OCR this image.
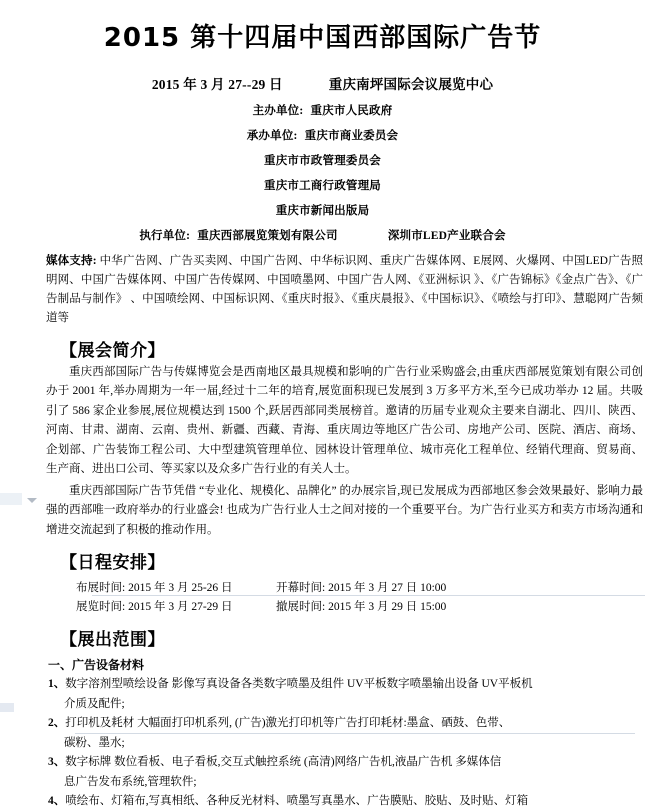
2015 第十四届中国西部国际广告节
2015 年 3 月 27--29 日	重庆南坪国际会议展览中心
主办单位: 重庆市人民政府
承办单位: 重庆市商业委员会
重庆市市政管理委员会
重庆市工商行政管理局
重庆市新闻出版局
执行单位: 重庆西部展览策划有限公司	深圳市LED产业联合会

媒体支持: 中华广告网、广告买卖网、中国广告网、中华标识网、重庆广告媒体网、E展网、火爆网、中国LED广告照明网、中国广告媒体网、中国广告传媒网、中国喷墨网、中国广告人网、《亚洲标识 》、《广告锦标》《金点广告》、《广告制品与制作》 、中国喷绘网、中国标识网、《重庆时报》、《重庆晨报》、《中国标识》、《喷绘与打印》、慧聪网广告频道等

【展会简介】

重庆西部国际广告与传媒博览会是西南地区最具规模和影响的广告行业采购盛会,由重庆西部展览策划有限公司创办于 2001 年,举办周期为一年一届,经过十二年的培育,展览面积现已发展到 3 万多平方米,至今已成功举办 12 届。共吸引了 586 家企业参展,展位规模达到 1500 个,跃居西部同类展榜首。邀请的历届专业观众主要来自湖北、四川、陕西、河南、甘肃、湖南、云南、贵州、新疆、西藏、青海、重庆周边等地区广告公司、房地产公司、医院、酒店、商场、企划部、广告装饰工程公司、大中型建筑管理单位、园林设计管理单位、城市亮化工程单位、经销代理商、贸易商、生产商、进出口公司、等买家以及众多广告行业的有关人士。

重庆西部国际广告节凭借 “专业化、规模化、品牌化” 的办展宗旨,现已发展成为西部地区参会效果最好、影响力最强的西部唯一政府举办的行业盛会! 也成为广告行业人士之间对接的一个重要平台。为广告行业买方和卖方市场沟通和增进交流起到了积极的推动作用。

【日程安排】
布展时间: 2015 年 3 月 25-26 日	开幕时间: 2015 年 3 月 27 日 10:00
展览时间: 2015 年 3 月 27-29 日	撤展时间: 2015 年 3 月 29 日 15:00
【展出范围】
一、广告设备材料
1、数字溶剂型喷绘设备 影像写真设备各类数字喷墨及组件 UV平板数字喷墨输出设备 UV平板机
介质及配件;
2、打印机及耗材 大幅面打印机系列, (广告)激光打印机等广告打印耗材:墨盒、硒鼓、色带、
碳粉、墨水;
3、数字标牌 数位看板、电子看板,交互式触控系统 (高清)网络广告机,液晶广告机 多媒体信
息广告发布系统,管理软件;
4、喷绘布、灯箱布,写真相纸、各种反光材料、喷墨写真墨水、广告膜贴、胶贴、及时贴、灯箱
